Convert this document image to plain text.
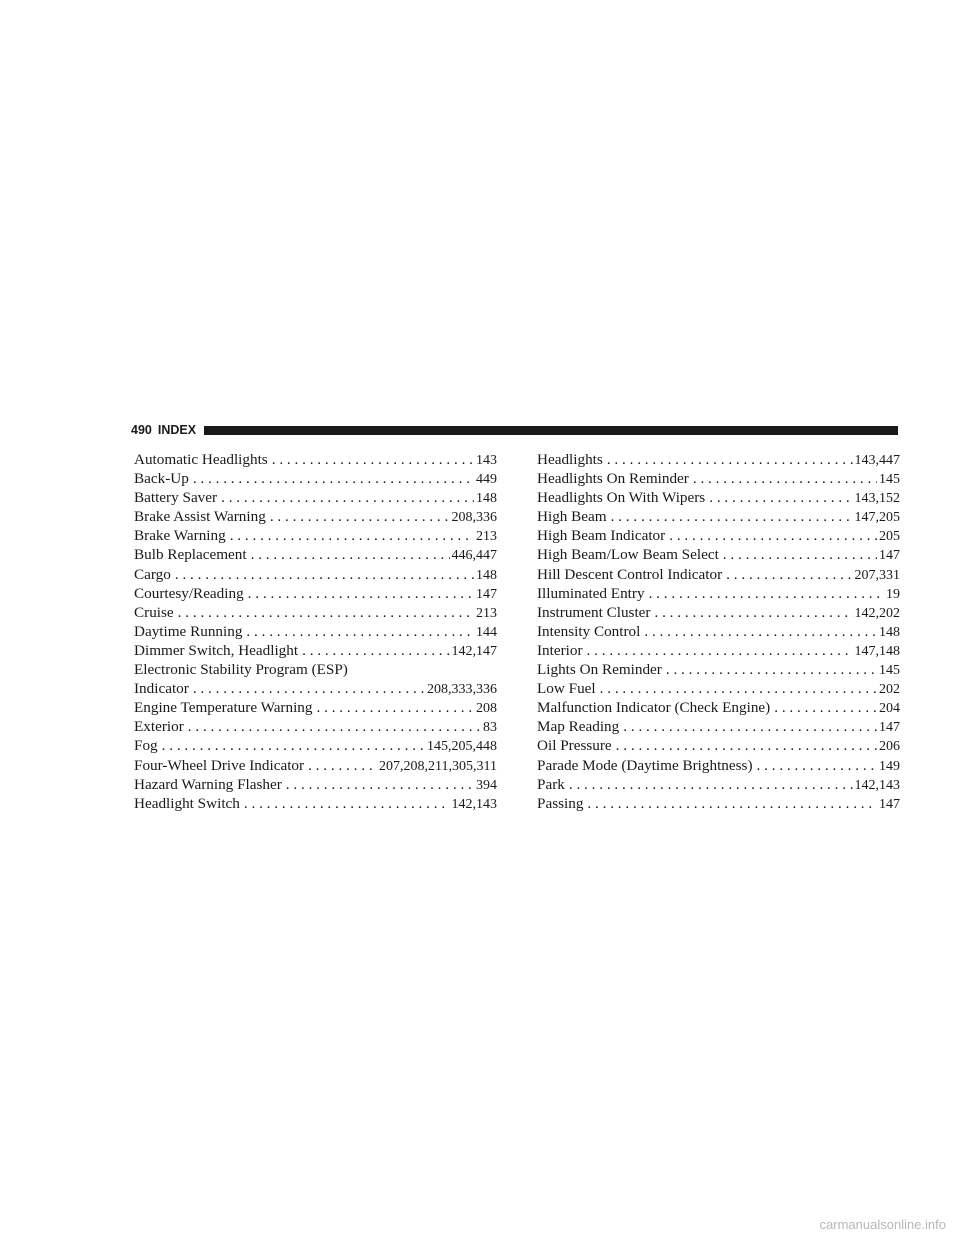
490 INDEX
Automatic Headlights . . .	143
Back-Up . . .	449
Battery Saver . . .	148
Brake Assist Warning . . .	208,336
Brake Warning . . .	213
Bulb Replacement . . .	446,447
Cargo . . .	148
Courtesy/Reading . . .	147
Cruise . . .	213
Daytime Running . . .	144
Dimmer Switch, Headlight . . .	142,147
Electronic Stability Program (ESP)
Indicator . . .	208,333,336
Engine Temperature Warning . . .	208
Exterior . . .	83
Fog . . .	145,205,448
Four-Wheel Drive Indicator . . .	207,208,211,305,311
Hazard Warning Flasher . . .	394
Headlight Switch . . .	142,143
Headlights . . .	143,447
Headlights On Reminder . . .	145
Headlights On With Wipers . . .	143,152
High Beam . . .	147,205
High Beam Indicator . . .	205
High Beam/Low Beam Select . . .	147
Hill Descent Control Indicator . . .	207,331
Illuminated Entry . . .	19
Instrument Cluster . . .	142,202
Intensity Control . . .	148
Interior . . .	147,148
Lights On Reminder . . .	145
Low Fuel . . .	202
Malfunction Indicator (Check Engine) . . .	204
Map Reading . . .	147
Oil Pressure . . .	206
Parade Mode (Daytime Brightness) . . .	149
Park . . .	142,143
Passing . . .	147
carmanualsonline.info
